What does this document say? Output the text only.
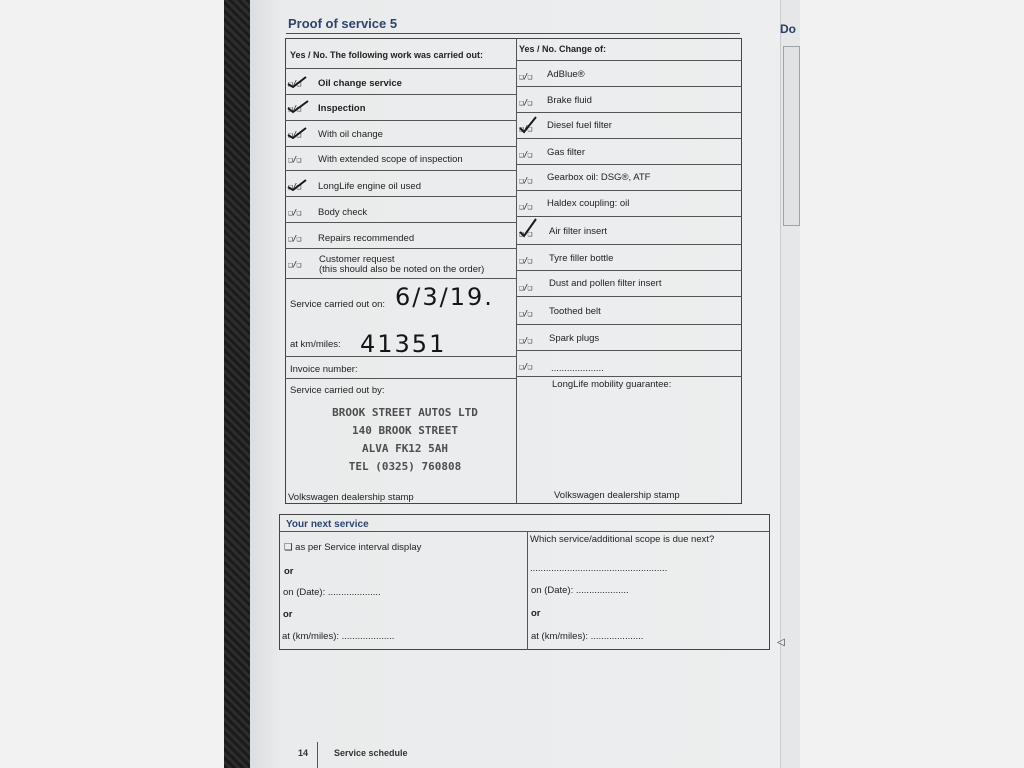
Do
Proof of service 5
Yes / No. The following work was carried out:
Yes / No. Change of:
❑/❑ Oil change service
❑/❑ Inspection
❑/❑ With oil change
❑/❑ With extended scope of inspection
❑/❑ LongLife engine oil used
❑/❑ Body check
❑/❑ Repairs recommended
❑/❑ Customer request
(this should also be noted on the order)
Service carried out on: 6/3/19.
at km/miles: 41351
Invoice number:
Service carried out by:
BROOK STREET AUTOS LTD
140 BROOK STREET
ALVA FK12 5AH
TEL (0325) 760808
Volkswagen dealership stamp
❑/❑ AdBlue®
❑/❑ Brake fluid
❑/❑ Diesel fuel filter
❑/❑ Gas filter
❑/❑ Gearbox oil: DSG®, ATF
❑/❑ Haldex coupling: oil
❑/❑ Air filter insert
❑/❑ Tyre filler bottle
❑/❑ Dust and pollen filter insert
❑/❑ Toothed belt
❑/❑ Spark plugs
❑/❑ ....................
LongLife mobility guarantee:
Volkswagen dealership stamp
Your next service
❑ as per Service interval display
or
on (Date): ....................
or
at (km/miles): ....................
Which service/additional scope is due next?
....................................................
on (Date): ....................
or
at (km/miles): ....................
◁
14	Service schedule
